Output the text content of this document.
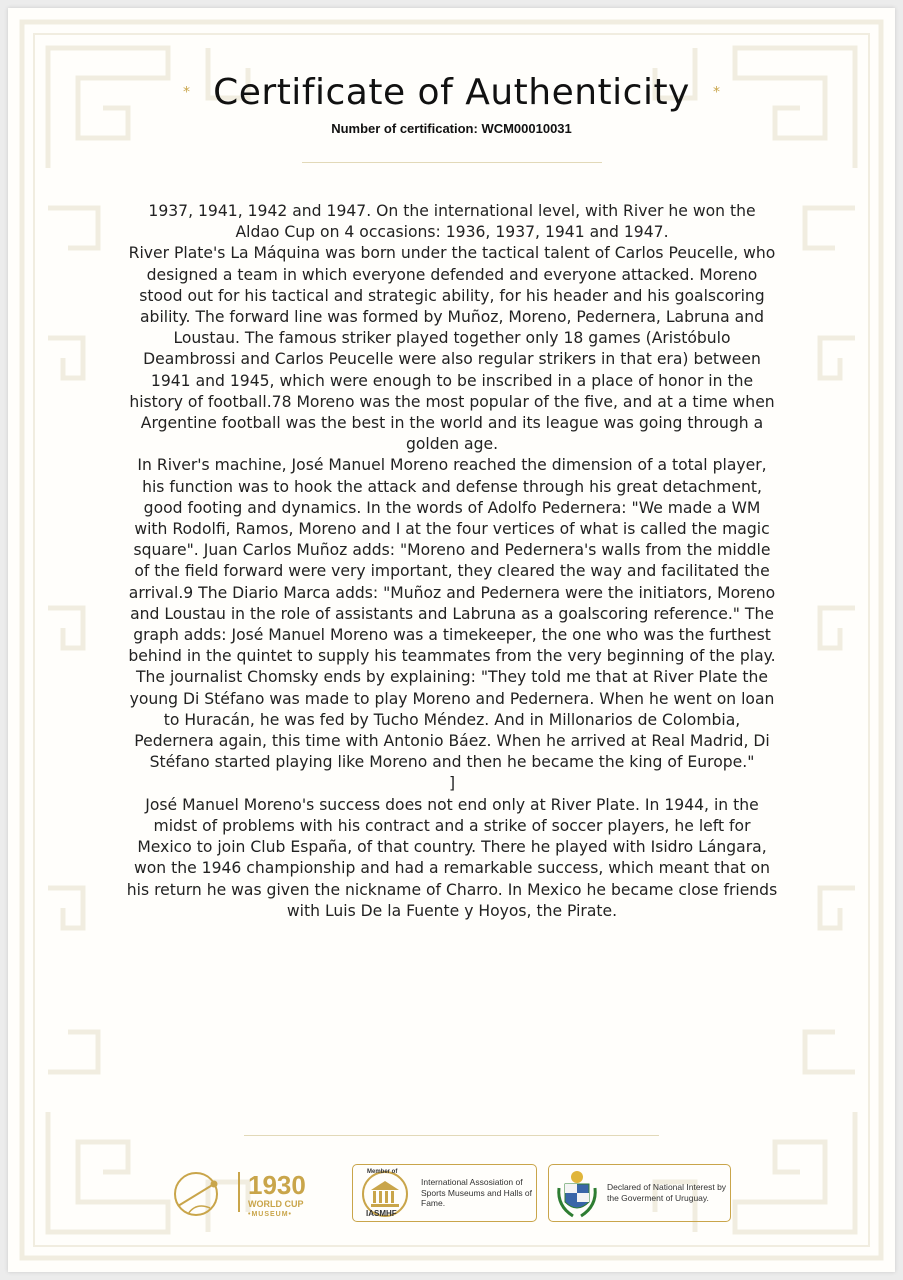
* Certificate of Authenticity *
Number of certification: WCM00010031

1937, 1941, 1942 and 1947. On the international level, with River he won the Aldao Cup on 4 occasions: 1936, 1937, 1941 and 1947.

River Plate's La Máquina was born under the tactical talent of Carlos Peucelle, who designed a team in which everyone defended and everyone attacked. Moreno stood out for his tactical and strategic ability, for his header and his goalscoring ability. The forward line was formed by Muñoz, Moreno, Pedernera, Labruna and Loustau. The famous striker played together only 18 games (Aristóbulo Deambrossi and Carlos Peucelle were also regular strikers in that era) between 1941 and 1945, which were enough to be inscribed in a place of honor in the history of football.78 Moreno was the most popular of the five, and at a time when Argentine football was the best in the world and its league was going through a golden age.

In River's machine, José Manuel Moreno reached the dimension of a total player, his function was to hook the attack and defense through his great detachment, good footing and dynamics. In the words of Adolfo Pedernera: "We made a WM with Rodolfi, Ramos, Moreno and I at the four vertices of what is called the magic square". Juan Carlos Muñoz adds: "Moreno and Pedernera's walls from the middle of the field forward were very important, they cleared the way and facilitated the arrival.9 The Diario Marca adds: "Muñoz and Pedernera were the initiators, Moreno and Loustau in the role of assistants and Labruna as a goalscoring reference." The graph adds: José Manuel Moreno was a timekeeper, the one who was the furthest behind in the quintet to supply his teammates from the very beginning of the play. The journalist Chomsky ends by explaining: "They told me that at River Plate the young Di Stéfano was made to play Moreno and Pedernera. When he went on loan to Huracán, he was fed by Tucho Méndez. And in Millonarios de Colombia, Pedernera again, this time with Antonio Báez. When he arrived at Real Madrid, Di Stéfano started playing like Moreno and then he became the king of Europe."

]

José Manuel Moreno's success does not end only at River Plate. In 1944, in the midst of problems with his contract and a strike of soccer players, he left for Mexico to join Club España, of that country. There he played with Isidro Lángara, won the 1946 championship and had a remarkable success, which meant that on his return he was given the nickname of Charro. In Mexico he became close friends with Luis De la Fuente y Hoyos, the Pirate.

1930
WORLD CUP
•MUSEUM•
Member of
IASMHF
International Assosiation of Sports Museums and Halls of Fame.
Declared of National Interest by the Goverment of Uruguay.
